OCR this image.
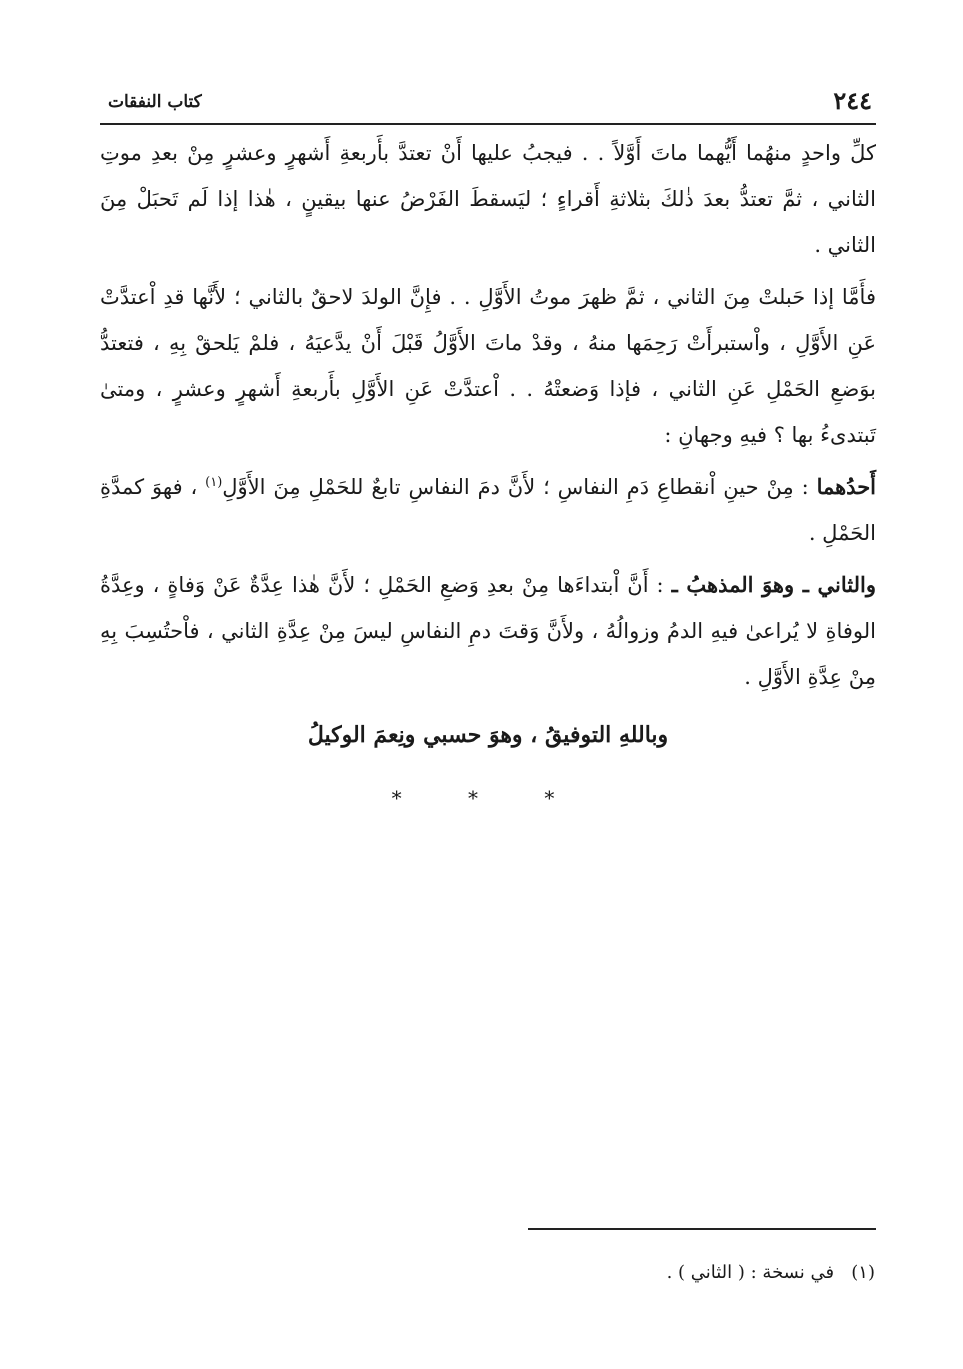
٢٤٤
كتاب النفقات

كلِّ واحدٍ منهُما أَيُّهما ماتَ أَوَّلاً . . فيجبُ عليها أَنْ تعتدَّ بأَربعةِ أَشهرٍ وعشرٍ مِنْ بعدِ موتِ الثاني ، ثمَّ تعتدُّ بعدَ ذٰلكَ بثلاثةِ أَقراءٍ ؛ ليَسقطَ الفَرْضُ عنها بيقينٍ ، هٰذا إذا لَم تَحبَلْ مِنَ الثاني .

فأَمَّا إذا حَبلتْ مِنَ الثاني ، ثمَّ ظهرَ موتُ الأَوَّلِ . . فإِنَّ الولدَ لاحقٌ بالثاني ؛ لأَنَّها قدِ اْعتدَّتْ عَنِ الأَوَّلِ ، واْستبرأَتْ رَحِمَها منهُ ، وقدْ ماتَ الأَوَّلُ قَبْلَ أَنْ يدَّعيَهُ ، فلمْ يَلحقْ بِهِ ، فتعتدُّ بوَضعِ الحَمْلِ عَنِ الثاني ، فإذا وَضعتْهُ . . اْعتدَّتْ عَنِ الأَوَّلِ بأَربعةِ أَشهرٍ وعشرٍ ، ومتىٰ تَبتدىءُ بها ؟ فيهِ وجهانِ :

أَحدُهما : مِنْ حينِ اْنقطاعِ دَمِ النفاسِ ؛ لأَنَّ دمَ النفاسِ تابعٌ للحَمْلِ مِنَ الأَوَّلِ$^{(١)}$ ، فهوَ كمدَّةِ الحَمْلِ .

والثاني ـ وهوَ المذهبُ ـ : أَنَّ اْبتداءَها مِنْ بعدِ وَضعِ الحَمْلِ ؛ لأَنَّ هٰذا عِدَّةٌ عَنْ وَفاةٍ ، وعِدَّةُ الوفاةِ لا يُراعىٰ فيهِ الدمُ وزوالُهُ ، ولأَنَّ وَقتَ دمِ النفاسِ ليسَ مِنْ عِدَّةِ الثاني ، فاْحتُسِبَ بِهِ مِنْ عِدَّةِ الأَوَّلِ .

وباللهِ التوفيقُ ، وهوَ حسبي ونِعمَ الوكيلُ
* * *
(١)   في نسخة : ( الثاني ) .
